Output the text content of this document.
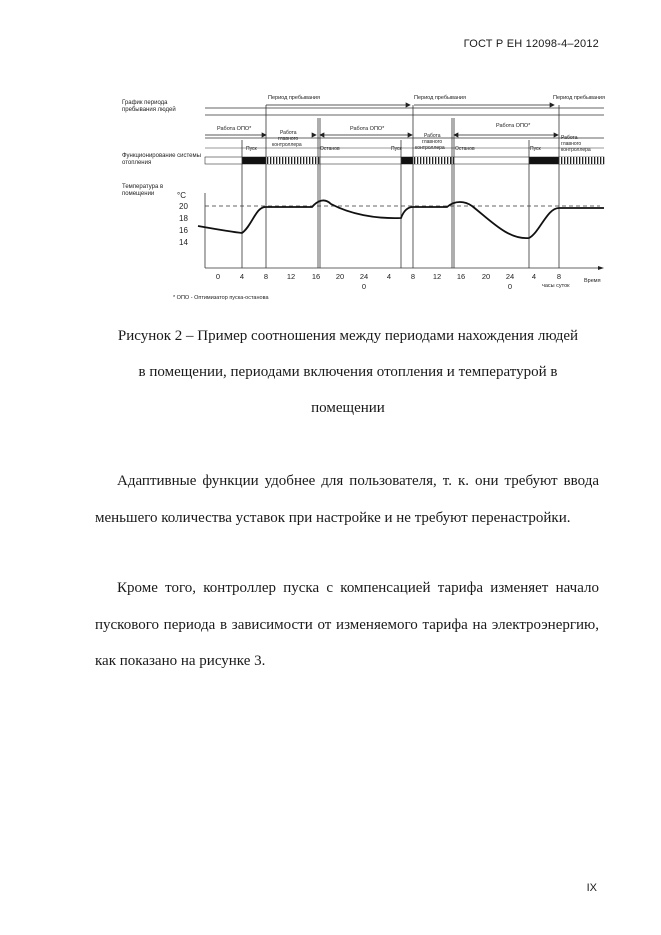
ГОСТ Р ЕН 12098-4–2012
График периода пребывания людей
Функционирование системы отопления
Температура в помещении
Период пребывания	Период пребывания	Период пребывания
Работа ОПО*	Работа ОПО*	Работа ОПО*
Работа главного контроллера
Работа главного контроллера
Работа главного контроллера
Останов	Останов
Пуск	Пуск	Пуск
°С
20
18
16
14
0	4	8 12 16 20 24 4	8 12 16 20 24 4	8
0	0
Время
часы суток
* ОПО - Оптимизатор пуска-останова
Рисунок 2 – Пример соотношения между периодами нахождения людей
в помещении, периодами включения отопления и температурой в
помещении

Адаптивные функции удобнее для пользователя, т. к. они требуют ввода меньшего количества уставок при настройке и не требуют перенастройки.

Кроме того, контроллер пуска с компенсацией тарифа изменяет начало пускового периода в зависимости от изменяемого тарифа на электроэнергию, как показано на рисунке 3.

IX
